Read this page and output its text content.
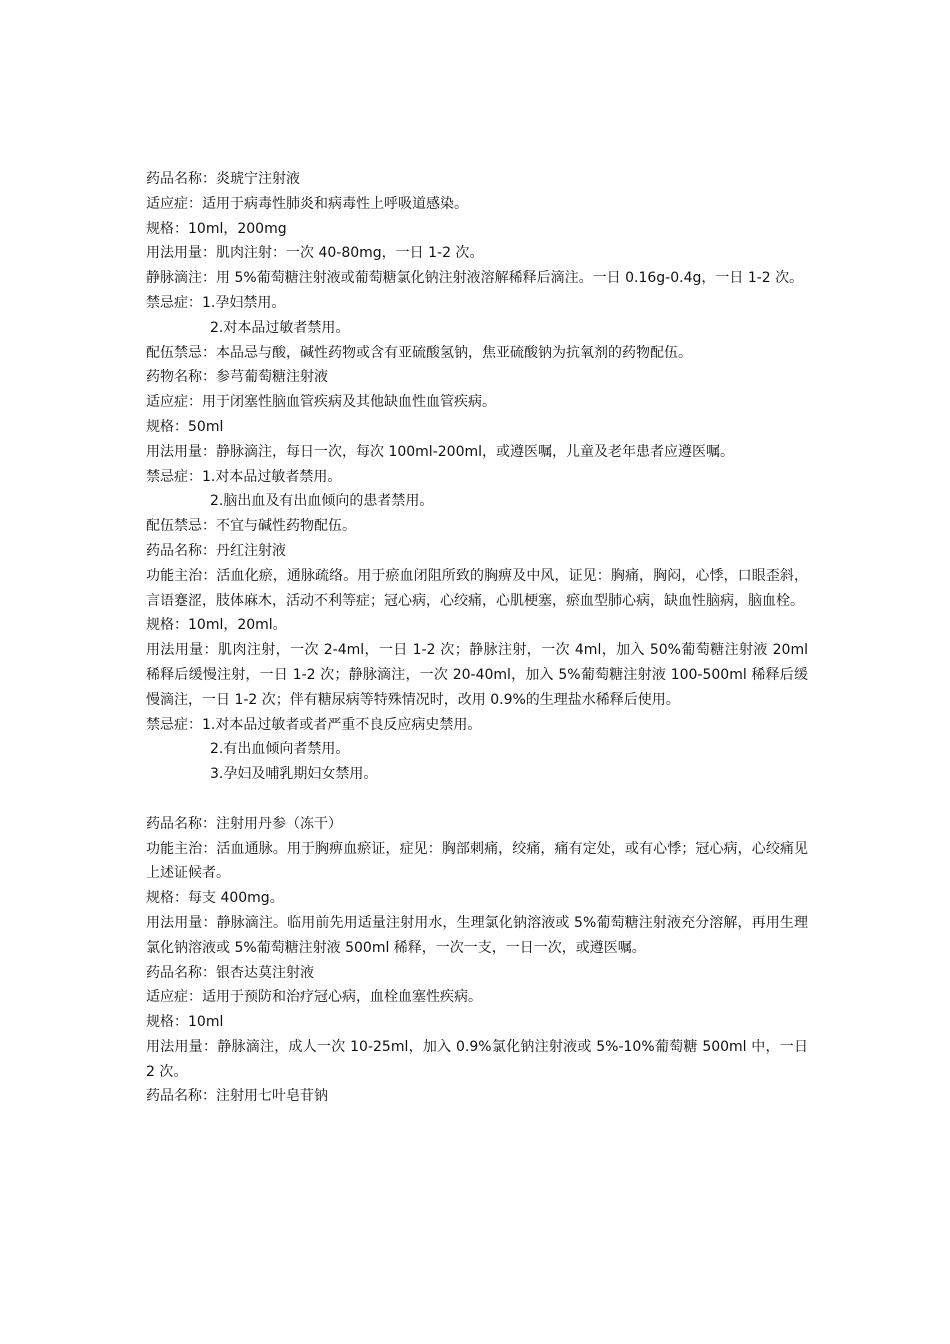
药品名称：炎琥宁注射液
适应症：适用于病毒性肺炎和病毒性上呼吸道感染。
规格：10ml，200mg
用法用量：肌肉注射：一次 40-80mg，一日 1-2 次。
静脉滴注：用 5%葡萄糖注射液或葡萄糖氯化钠注射液溶解稀释后滴注。一日 0.16g-0.4g，一日 1-2 次。
禁忌症：1.孕妇禁用。
2.对本品过敏者禁用。
配伍禁忌：本品忌与酸，碱性药物或含有亚硫酸氢钠，焦亚硫酸钠为抗氧剂的药物配伍。
药物名称：参芎葡萄糖注射液
适应症：用于闭塞性脑血管疾病及其他缺血性血管疾病。
规格：50ml
用法用量：静脉滴注，每日一次，每次 100ml-200ml，或遵医嘱，儿童及老年患者应遵医嘱。
禁忌症：1.对本品过敏者禁用。
2.脑出血及有出血倾向的患者禁用。
配伍禁忌：不宜与碱性药物配伍。
药品名称：丹红注射液
功能主治：活血化瘀，通脉疏络。用于瘀血闭阻所致的胸痹及中风，证见：胸痛，胸闷，心悸，口眼歪斜，言语蹇涩，肢体麻木，活动不利等症；冠心病，心绞痛，心肌梗塞，瘀血型肺心病，缺血性脑病，脑血栓。
规格：10ml，20ml。
用法用量：肌肉注射，一次 2-4ml，一日 1-2 次；静脉注射，一次 4ml，加入 50%葡萄糖注射液 20ml 稀释后缓慢注射，一日 1-2 次；静脉滴注，一次 20-40ml，加入 5%葡萄糖注射液 100-500ml 稀释后缓慢滴注，一日 1-2 次；伴有糖尿病等特殊情况时，改用 0.9%的生理盐水稀释后使用。
禁忌症：1.对本品过敏者或者严重不良反应病史禁用。
2.有出血倾向者禁用。
3.孕妇及哺乳期妇女禁用。
药品名称：注射用丹参（冻干）
功能主治：活血通脉。用于胸痹血瘀证，症见：胸部刺痛，绞痛，痛有定处，或有心悸；冠心病，心绞痛见上述证候者。
规格：每支 400mg。
用法用量：静脉滴注。临用前先用适量注射用水，生理氯化钠溶液或 5%葡萄糖注射液充分溶解，再用生理氯化钠溶液或 5%葡萄糖注射液 500ml 稀释，一次一支，一日一次，或遵医嘱。
药品名称：银杏达莫注射液
适应症：适用于预防和治疗冠心病，血栓血塞性疾病。
规格：10ml
用法用量：静脉滴注，成人一次 10-25ml，加入 0.9%氯化钠注射液或 5%-10%葡萄糖 500ml 中，一日 2 次。
药品名称：注射用七叶皂苷钠
